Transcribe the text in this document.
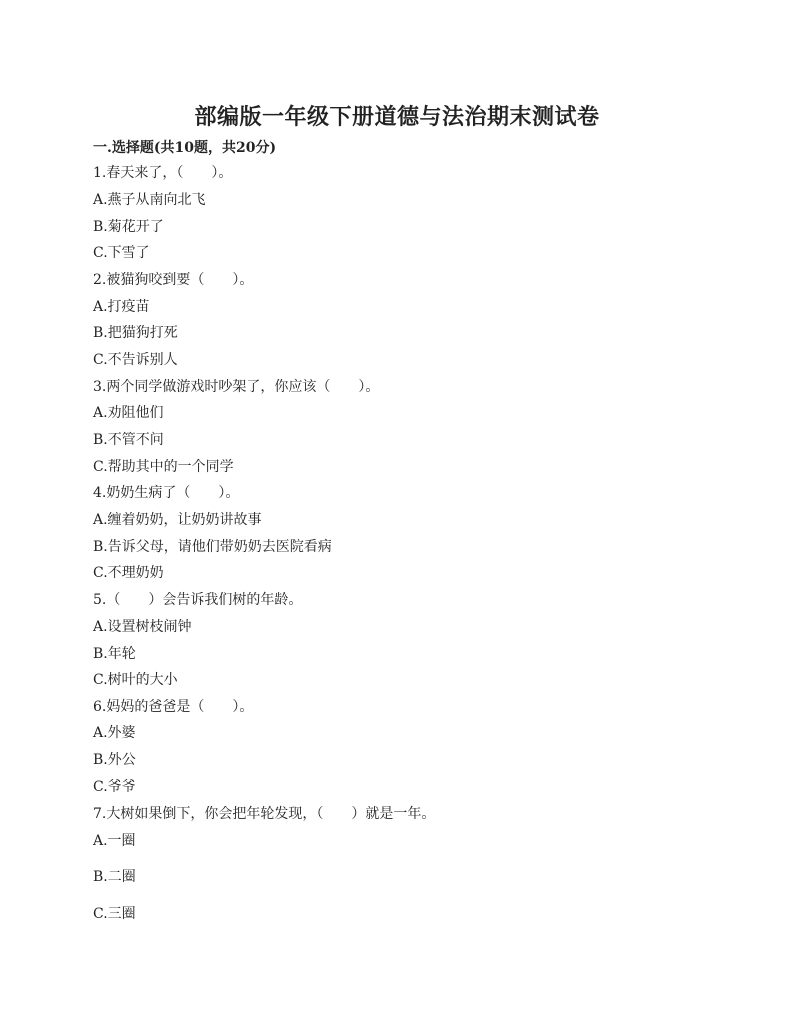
部编版一年级下册道德与法治期末测试卷
一.选择题(共10题，共20分)
1.春天来了，（　　）。
A.燕子从南向北飞
B.菊花开了
C.下雪了
2.被猫狗咬到要（　　）。
A.打疫苗
B.把猫狗打死
C.不告诉别人
3.两个同学做游戏时吵架了，你应该（　　）。
A.劝阻他们
B.不管不问
C.帮助其中的一个同学
4.奶奶生病了（　　）。
A.缠着奶奶，让奶奶讲故事
B.告诉父母，请他们带奶奶去医院看病
C.不理奶奶
5.（　　）会告诉我们树的年龄。
A.设置树枝闹钟
B.年轮
C.树叶的大小
6.妈妈的爸爸是（　　）。
A.外婆
B.外公
C.爷爷
7.大树如果倒下，你会把年轮发现，（　　）就是一年。
A.一圈
B.二圈
C.三圈
